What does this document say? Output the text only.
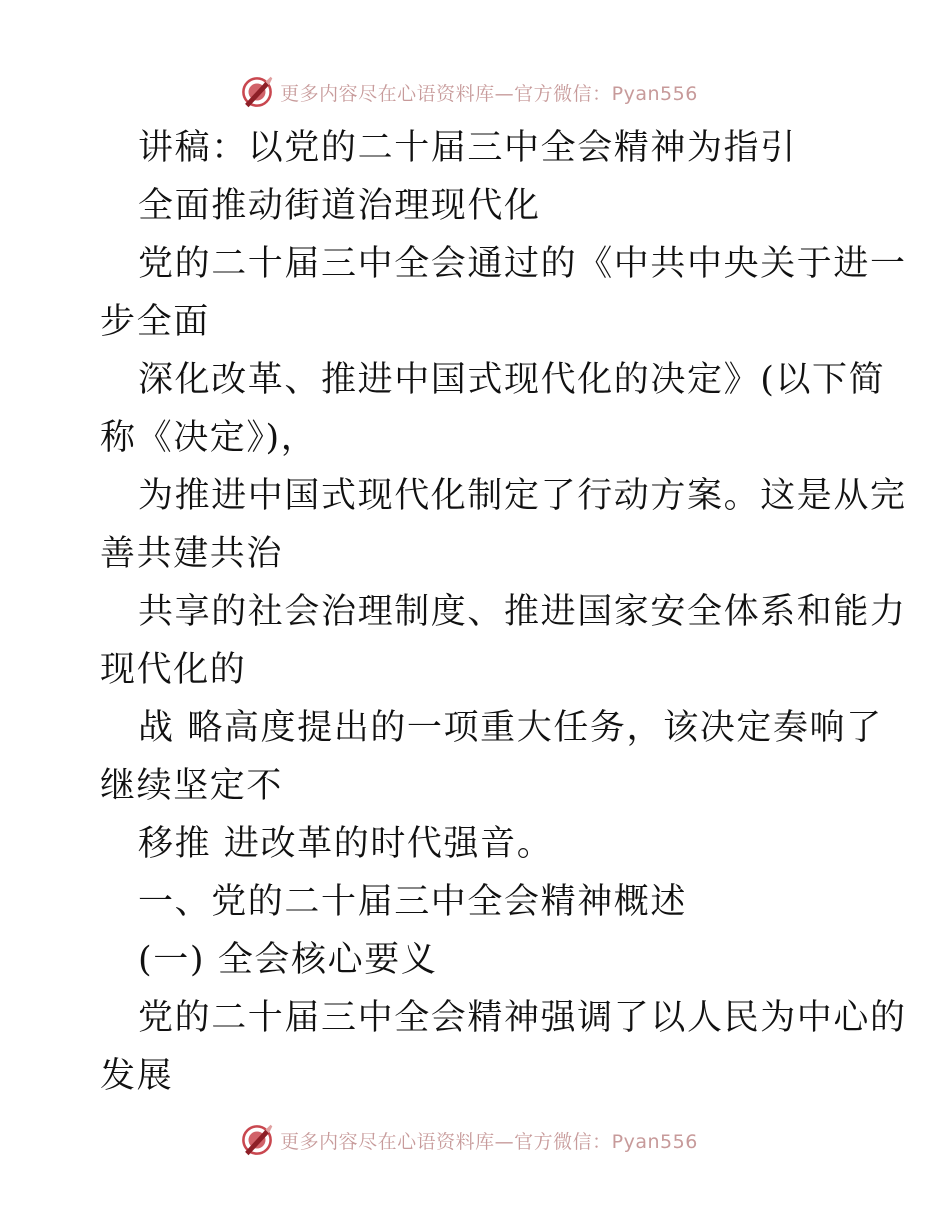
更多内容尽在心语资料库—官方微信：Pyan556
讲稿：以党的二十届三中全会精神为指引
全面推动街道治理现代化
党的二十届三中全会通过的《中共中央关于进一
步全面
深化改革、推进中国式现代化的决定》(以下简
称《决定》)，
为推进中国式现代化制定了行动方案。这是从完
善共建共治
共享的社会治理制度、推进国家安全体系和能力
现代化的
战 略高度提出的一项重大任务，该决定奏响了
继续坚定不
移推 进改革的时代强音。
一、党的二十届三中全会精神概述
(一) 全会核心要义
党的二十届三中全会精神强调了以人民为中心的
发展
更多内容尽在心语资料库—官方微信：Pyan556
